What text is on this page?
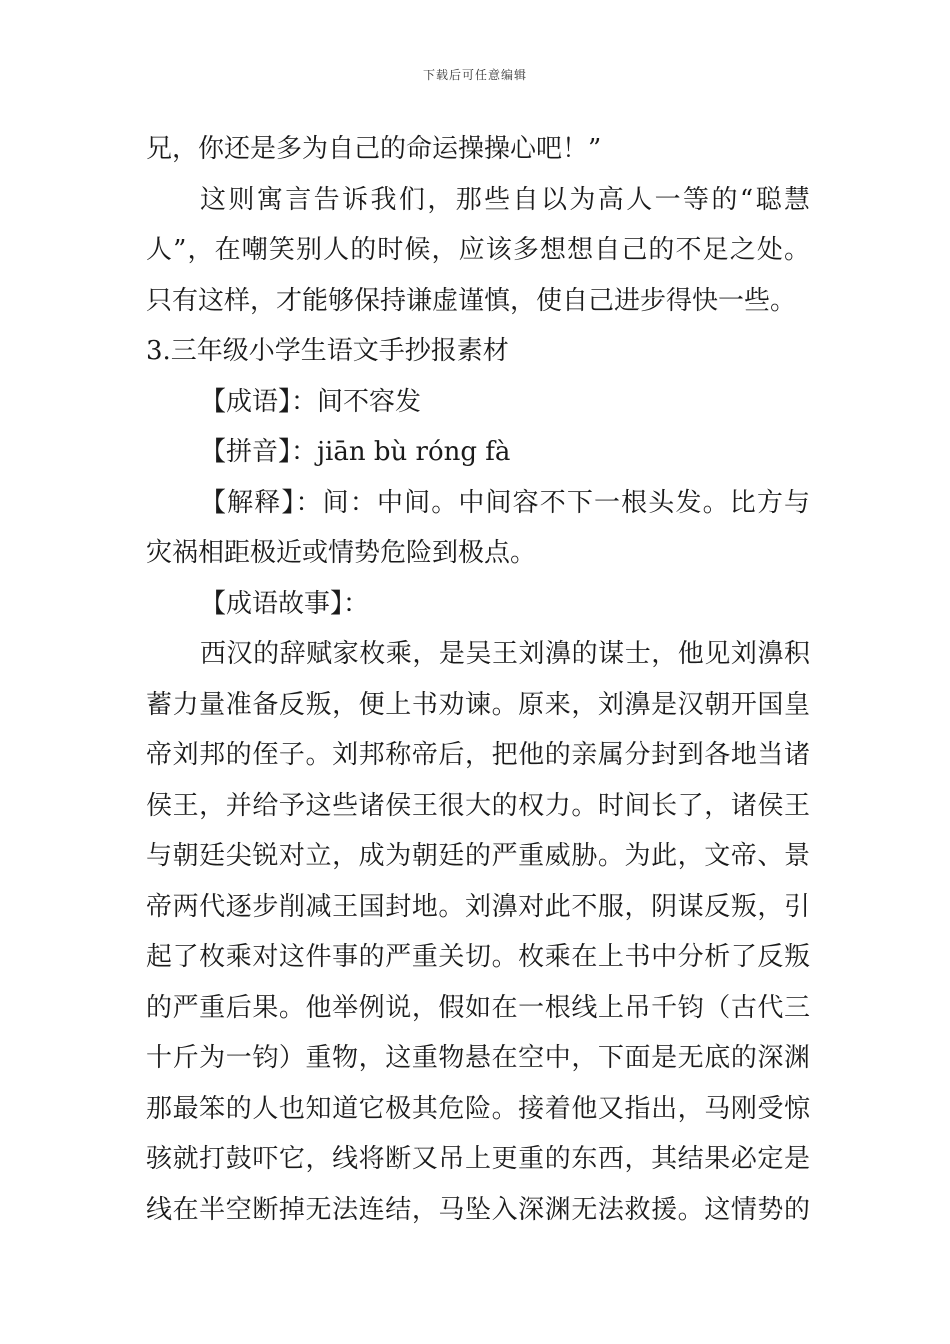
下载后可任意编辑
兄，你还是多为自己的命运操操心吧！”
这则寓言告诉我们，那些自以为高人一等的“聪慧
人”，在嘲笑别人的时候，应该多想想自己的不足之处。
只有这样，才能够保持谦虚谨慎，使自己进步得快一些。
3.三年级小学生语文手抄报素材
【成语】：间不容发
【拼音】：jiān bù róng fà
【解释】：间：中间。中间容不下一根头发。比方与
灾祸相距极近或情势危险到极点。
【成语故事】：
西汉的辞赋家枚乘，是吴王刘濞的谋士，他见刘濞积
蓄力量准备反叛，便上书劝谏。原来，刘濞是汉朝开国皇
帝刘邦的侄子。刘邦称帝后，把他的亲属分封到各地当诸
侯王，并给予这些诸侯王很大的权力。时间长了，诸侯王
与朝廷尖锐对立，成为朝廷的严重威胁。为此，文帝、景
帝两代逐步削减王国封地。刘濞对此不服，阴谋反叛，引
起了枚乘对这件事的严重关切。枚乘在上书中分析了反叛
的严重后果。他举例说，假如在一根线上吊千钧（古代三
十斤为一钧）重物，这重物悬在空中，下面是无底的深渊
那最笨的人也知道它极其危险。接着他又指出，马刚受惊
骇就打鼓吓它，线将断又吊上更重的东西，其结果必定是
线在半空断掉无法连结，马坠入深渊无法救援。这情势的
